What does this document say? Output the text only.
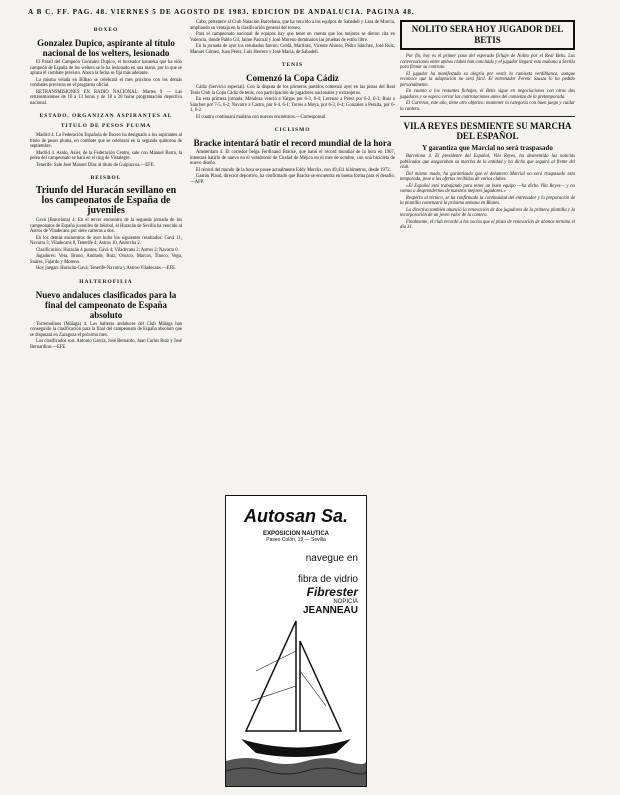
A B C. FF. PAG. 48. VIERNES 5 DE AGOSTO DE 1983. EDICION DE ANDALUCIA. PAGINA 48.
BOXEO
Gonzalez Dupico, aspirante al título nacional de los welters, lesionado

El Paraíl del Campeón Gonzalez Dupico, el boxeador karateka que ha sido campeón de España de los welters se le ha lesionado en una mano, por lo que se aplaza el combate previsto. Ahora la fecha se fija más adelante.

La misma velada en Bilbao se celebrará el mes próximo con los demás combates previstos en el programa oficial.

RETRANSMISIONES EN RADIO NACIONAL: Martes 9 — Las retransmisiones de 10 a 13 horas y de 18 a 20 horas programación deportiva nacional.

ESTADO, ORGANIZAN ASPIRANTES AL TITULO DE PESOS PLUMA

Madrid 4. La Federación Española de Boxeo ha designado a los aspirantes al título de pesos pluma, en combate que se celebrará en la segunda quincena de septiembre.

Madrid 4. Asido, Asier, de la Federación Centro, sale con Manuel Barra, la pelea del campeonato se hará en el ring de Vistalegre.

Tenerife. Sale José Manuel Díaz al título de Guipúzcoa.—EFE.

BEISBOL
Triunfo del Huracán sevillano en los campeonatos de España de juveniles

Gavá (Barcelona) 4. En el tercer encuentro de la segunda jornada de los campeonatos de España juveniles de béisbol, el Huracán de Sevilla ha vencido al Astros de Viladecans por siete carreras a dos.

En los demás encuentros de ayer hubo los siguientes resultados: Gavá 11, Navarra 3; Viladecans 8, Tenerife 4; Astros 10, Antorcha 2.

Clasificación: Huracán 4 puntos; Gavá 4; Viladecans 2; Astros 2; Navarra 0.

Jugadores: Vera, Bruno, Andrade, Ruiz, Orozco, Marcos, Tinoco, Vega, Suárez, Fajardo y Moreno.

Hoy juegan: Huracán-Gavá, Tenerife-Navarra y Astros-Viladecans.—EFE.

HALTEROFILIA
Nuevo andaluces clasificados para la final del campeonato de España absoluto

Torremolinos (Málaga) 4. Los halteras andaluces del Club Málaga han conseguido la clasificación para la final del campeonato de España absoluto que se disputará en Zaragoza el próximo mes.

Los clasificados son: Antonio García, José Bernardo, Juan Carlos Ruiz y José Bernardino.—EFE.

Cabo, pertenece al Club Natación Barcelona, que ha vencido a los equipos de Sabadell y Lasa de Murcia, ampliando su ventaja en la clasificación general del torneo.

Para el campeonato nacional de equipos hay que tener en cuenta que los mejores se dieron cita en Valencia, donde Pablo Gil, Jaime Pascual y José Moreno dominaron las pruebas de estilo libre.

En la jornada de ayer los resultados fueron: Cerdá, Martínez, Vicente Alonso, Pedro Sánchez, José Ruiz, Manuel Gómez, Juan Pérez, Luis Herrero y José Maciá, de Sabadell.

TENIS
Comenzó la Copa Cádiz

Cádiz (Servicio especial). Con la disputa de los primeros partidos comenzó ayer en las pistas del Real Tenis Club la Copa Cádiz de tenis, con participación de jugadores nacionales y extranjeros.

En esta primera jornada: Mendoza venció a Vargas por 6-3, 6-4; Lorenzo a Pérez por 6-2, 6-3; Ruiz a Sánchez por 7-5, 6-2; Navarro a Castro, por 6-4, 6-1; Torres a Moya, por 6-3, 6-4; Gonzalez a Peralta, por 6-1, 6-2.

El cuadro continuará mañana con nuevos encuentros.—Corresponsal.

CICLISMO
Bracke intentará batir el record mundial de la hora

Amsterdam 4. El corredor belga Ferdinand Bracke, que batió el récord mundial de la hora en 1967, intentará batirlo de nuevo en el velódromo de Ciudad de Méjico en el mes de octubre, con una bicicleta de nuevo diseño.

El récord del mundo de la hora se posee actualmente Eddy Merckx, con 49,431 kilómetros, desde 1972.

Gastón Plaud, director deportivo, ha confirmado que Bracke se encuentra en buena forma para el desafío.—AFP.

Autosan Sa.
EXPOSICION NAUTICA
Paseo Colón, 19 — Sevilla
navegue en
fibra de vidrio
Fibrester
NOPICIA
JEANNEAU
NOLITO SERA HOY JUGADOR DEL BETIS

Por fin, hoy es el primer paso del esperado fichaje de Nolito por el Real Betis. Las conversaciones entre ambos clubes han concluido y el jugador llegará esta mañana a Sevilla para firmar su contrato.

El jugador ha manifestado su alegría por vestir la camiseta verdiblanca, aunque reconoce que la adaptación no será fácil. El entrenador Ferenc Szusza lo ha pedido personalmente.

En cuanto a los restantes fichajes, el Betis sigue en negociaciones con otros dos jugadores y se espera cerrar las contrataciones antes del comienzo de la pretemporada.

El Carreras, este año, tiene otro objetivo: mantener la categoría con buen juego y cuidar la cantera.

VILA REYES DESMIENTE SU MARCHA DEL ESPAÑOL
Y garantiza que Marcial no será traspasado

Barcelona 4. El presidente del Español, Vila Reyes, ha desmentido las noticias publicadas que aseguraban su marcha de la entidad y ha dicho que seguirá al frente del club.

Del mismo modo, ha garantizado que el delantero Marcial no será traspasado esta temporada, pese a las ofertas recibidas de varios clubes.

«El Español está trabajando para tener un buen equipo —ha dicho Vila Reyes— y no vamos a desprendernos de nuestros mejores jugadores.»

Respecto al técnico, se ha confirmado la continuidad del entrenador y la preparación de la plantilla comenzará la próxima semana en Blanes.

La directiva también anunció la renovación de dos jugadores de la primera plantilla y la incorporación de un joven valor de la cantera.

Finalmente, el club recordó a los socios que el plazo de renovación de abonos termina el día 31.
